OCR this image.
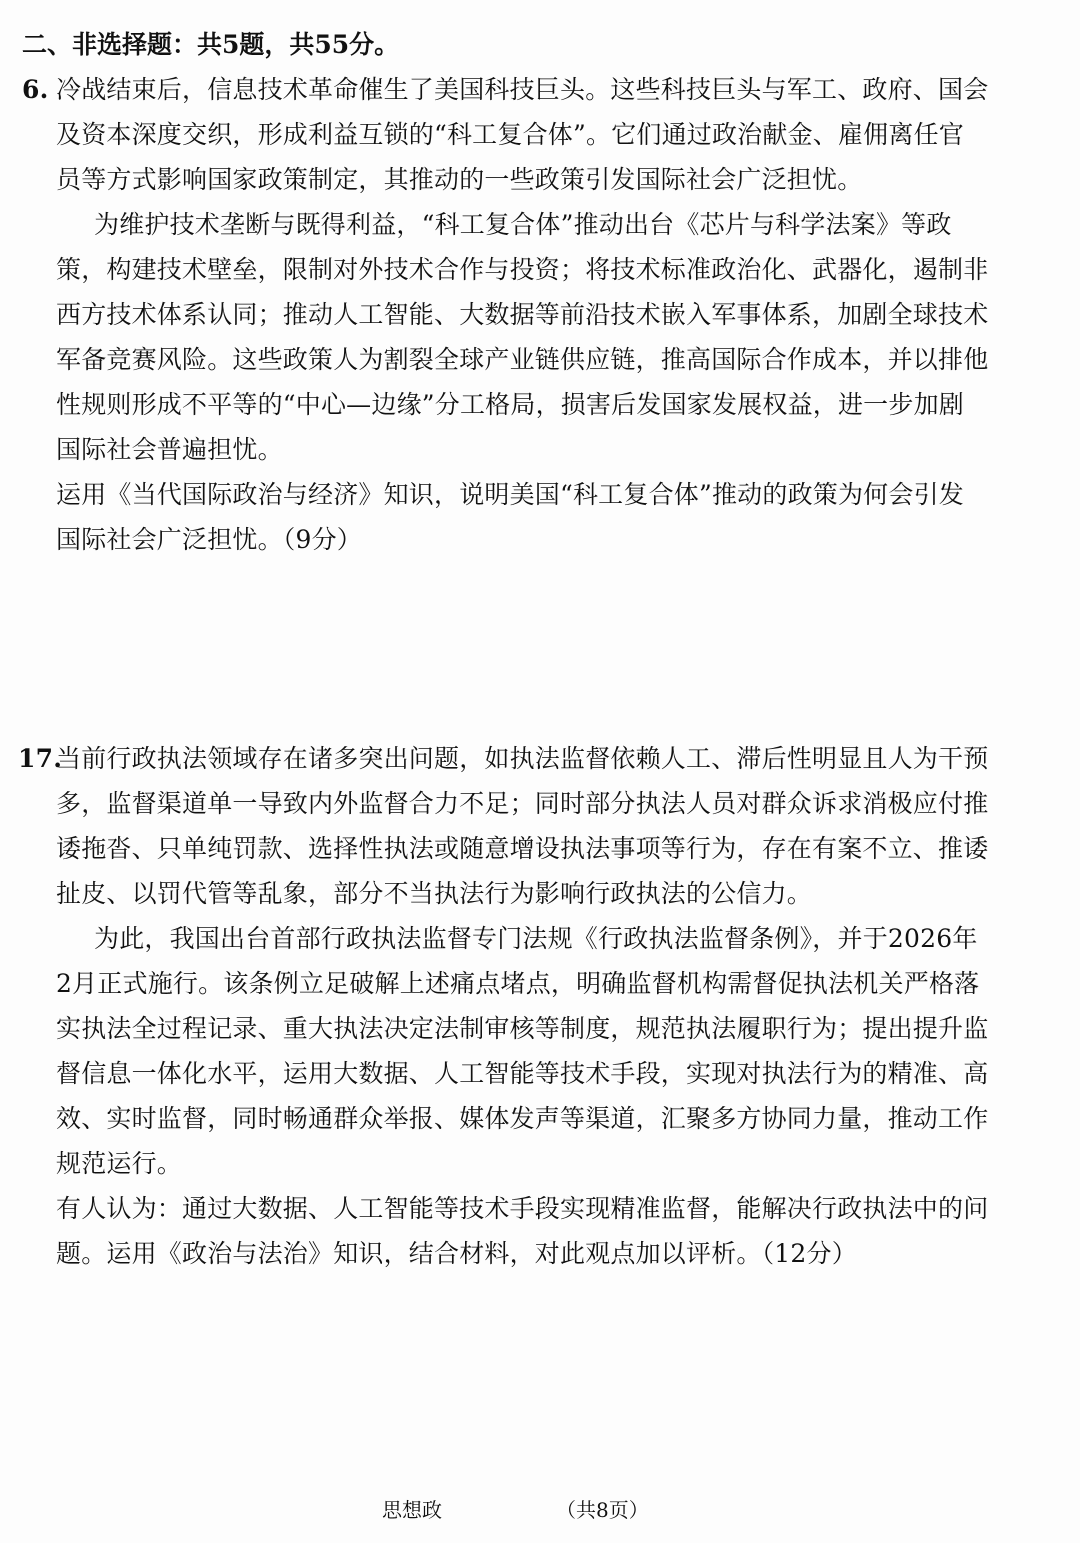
二、非选择题：共5题，共55分。
6. 冷战结束后，信息技术革命催生了美国科技巨头。这些科技巨头与军工、政府、国会
及资本深度交织，形成利益互锁的“科工复合体”。它们通过政治献金、雇佣离任官
员等方式影响国家政策制定，其推动的一些政策引发国际社会广泛担忧。
为维护技术垄断与既得利益，“科工复合体”推动出台《芯片与科学法案》等政
策，构建技术壁垒，限制对外技术合作与投资；将技术标准政治化、武器化，遏制非
西方技术体系认同；推动人工智能、大数据等前沿技术嵌入军事体系，加剧全球技术
军备竞赛风险。这些政策人为割裂全球产业链供应链，推高国际合作成本，并以排他
性规则形成不平等的“中心—边缘”分工格局，损害后发国家发展权益，进一步加剧
国际社会普遍担忧。
运用《当代国际政治与经济》知识，说明美国“科工复合体”推动的政策为何会引发
国际社会广泛担忧。（9分）
17.
当前行政执法领域存在诸多突出问题，如执法监督依赖人工、滞后性明显且人为干预
多，监督渠道单一导致内外监督合力不足；同时部分执法人员对群众诉求消极应付推
诿拖沓、只单纯罚款、选择性执法或随意增设执法事项等行为，存在有案不立、推诿
扯皮、以罚代管等乱象，部分不当执法行为影响行政执法的公信力。
为此，我国出台首部行政执法监督专门法规《行政执法监督条例》，并于2026年
2月正式施行。该条例立足破解上述痛点堵点，明确监督机构需督促执法机关严格落
实执法全过程记录、重大执法决定法制审核等制度，规范执法履职行为；提出提升监
督信息一体化水平，运用大数据、人工智能等技术手段，实现对执法行为的精准、高
效、实时监督，同时畅通群众举报、媒体发声等渠道，汇聚多方协同力量，推动工作
规范运行。
有人认为：通过大数据、人工智能等技术手段实现精准监督，能解决行政执法中的问
题。运用《政治与法治》知识，结合材料，对此观点加以评析。（12分）
思想政	（共8页）
